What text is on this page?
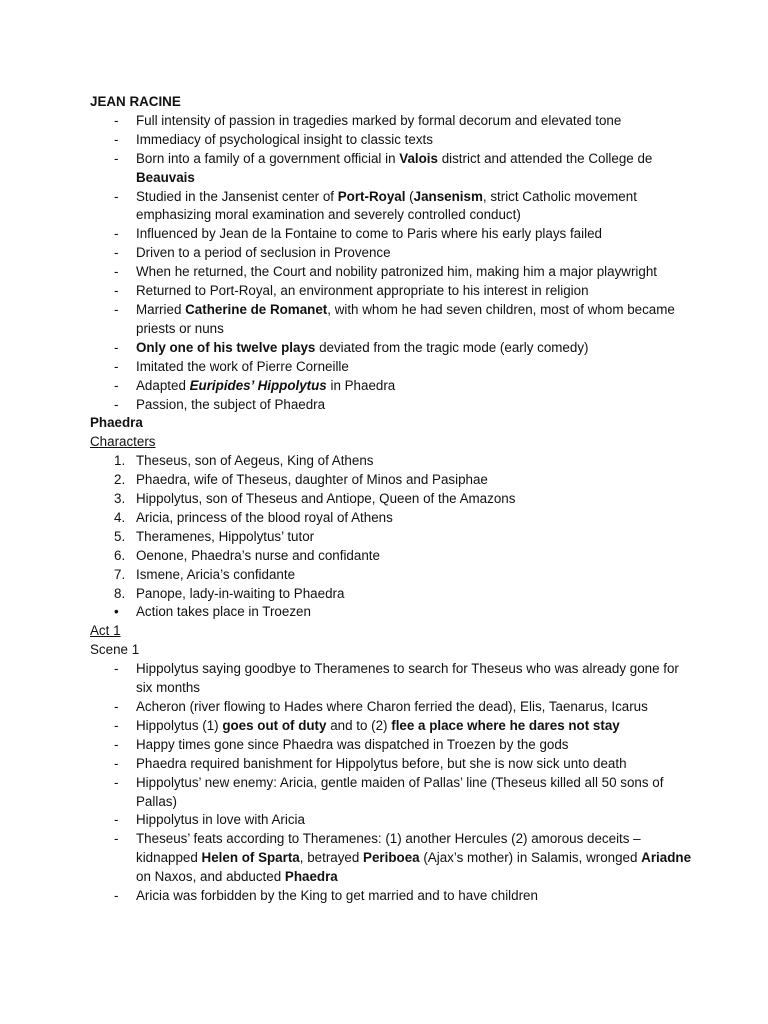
JEAN RACINE
-	Full intensity of passion in tragedies marked by formal decorum and elevated tone
-	Immediacy of psychological insight to classic texts
-	Born into a family of a government official in Valois district and attended the College de Beauvais
-	Studied in the Jansenist center of Port-Royal (Jansenism, strict Catholic movement emphasizing moral examination and severely controlled conduct)
-	Influenced by Jean de la Fontaine to come to Paris where his early plays failed
-	Driven to a period of seclusion in Provence
-	When he returned, the Court and nobility patronized him, making him a major playwright
-	Returned to Port-Royal, an environment appropriate to his interest in religion
-	Married Catherine de Romanet, with whom he had seven children, most of whom became priests or nuns
-	Only one of his twelve plays deviated from the tragic mode (early comedy)
-	Imitated the work of Pierre Corneille
-	Adapted Euripides’ Hippolytus in Phaedra
-	Passion, the subject of Phaedra
Phaedra
Characters
1. Theseus, son of Aegeus, King of Athens
2. Phaedra, wife of Theseus, daughter of Minos and Pasiphae
3. Hippolytus, son of Theseus and Antiope, Queen of the Amazons
4. Aricia, princess of the blood royal of Athens
5. Theramenes, Hippolytus’ tutor
6. Oenone, Phaedra’s nurse and confidante
7. Ismene, Aricia’s confidante
8. Panope, lady-in-waiting to Phaedra
•	Action takes place in Troezen
Act 1
Scene 1
-	Hippolytus saying goodbye to Theramenes to search for Theseus who was already gone for six months
-	Acheron (river flowing to Hades where Charon ferried the dead), Elis, Taenarus, Icarus
-	Hippolytus (1) goes out of duty and to (2) flee a place where he dares not stay
-	Happy times gone since Phaedra was dispatched in Troezen by the gods
-	Phaedra required banishment for Hippolytus before, but she is now sick unto death
-	Hippolytus’ new enemy: Aricia, gentle maiden of Pallas’ line (Theseus killed all 50 sons of Pallas)
-	Hippolytus in love with Aricia
-	Theseus’ feats according to Theramenes: (1) another Hercules (2) amorous deceits – kidnapped Helen of Sparta, betrayed Periboea (Ajax’s mother) in Salamis, wronged Ariadne on Naxos, and abducted Phaedra
-	Aricia was forbidden by the King to get married and to have children
